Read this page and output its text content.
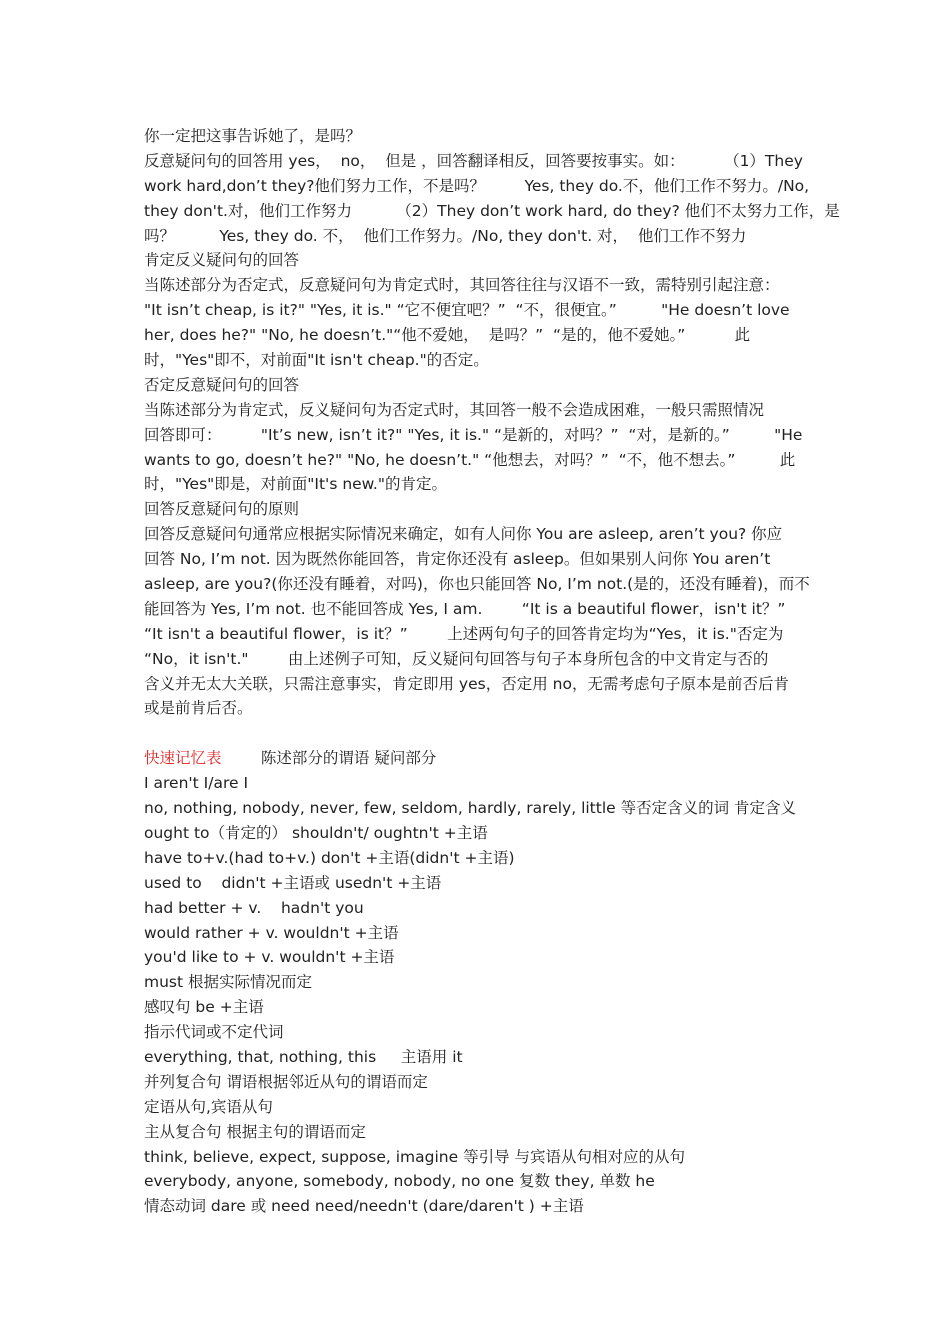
你一定把这事告诉她了，是吗？
反意疑问句的回答用 yes，  no，  但是 ，回答翻译相反，回答要按事实。如：        （1）They
work hard,don’t they?他们努力工作，不是吗？        Yes, they do.不，他们工作不努力。/No,
they don't.对，他们工作努力         （2）They don’t work hard, do they? 他们不太努力工作，是
吗？         Yes, they do. 不，  他们工作努力。/No, they don't. 对，  他们工作不努力
肯定反义疑问句的回答
当陈述部分为否定式，反意疑问句为肯定式时，其回答往往与汉语不一致，需特别引起注意：
"It isn’t cheap, is it?" "Yes, it is." “它不便宜吧？”  “不，很便宜。”         "He doesn’t love
her, does he?" "No, he doesn’t."“他不爱她，  是吗？”  “是的，他不爱她。”          此
时，"Yes"即不，对前面"It isn't cheap."的否定。
否定反意疑问句的回答
当陈述部分为肯定式，反义疑问句为否定式时，其回答一般不会造成困难，一般只需照情况
回答即可：        "It’s new, isn’t it?" "Yes, it is." “是新的，对吗？”  “对，是新的。”         "He
wants to go, doesn’t he?" "No, he doesn’t." “他想去，对吗？”  “不，他不想去。”         此
时，"Yes"即是，对前面"It's new."的肯定。
回答反意疑问句的原则
回答反意疑问句通常应根据实际情况来确定，如有人问你 You are asleep, aren’t you? 你应
回答 No, I’m not. 因为既然你能回答，肯定你还没有 asleep。但如果别人问你 You aren’t
asleep, are you?(你还没有睡着，对吗)，你也只能回答 No, I’m not.(是的，还没有睡着)，而不
能回答为 Yes, I’m not. 也不能回答成 Yes, I am.        “It is a beautiful flower，isn't it？”
“It isn't a beautiful flower，is it？”        上述两句句子的回答肯定均为“Yes，it is."否定为
“No，it isn't."        由上述例子可知，反义疑问句回答与句子本身所包含的中文肯定与否的
含义并无太大关联，只需注意事实，肯定即用 yes，否定用 no，无需考虑句子原本是前否后肯
或是前肯后否。
快速记忆表        陈述部分的谓语 疑问部分
I aren't I/are I
no, nothing, nobody, never, few, seldom, hardly, rarely, little 等否定含义的词 肯定含义
ought to（肯定的） shouldn't/ oughtn't +主语
have to+v.(had to+v.) don't +主语(didn't +主语)
used to    didn't +主语或 usedn't +主语
had better + v.    hadn't you
would rather + v. wouldn't +主语
you'd like to + v. wouldn't +主语
must 根据实际情况而定
感叹句 be +主语
指示代词或不定代词
everything, that, nothing, this     主语用 it
并列复合句 谓语根据邻近从句的谓语而定
定语从句,宾语从句
主从复合句 根据主句的谓语而定
think, believe, expect, suppose, imagine 等引导 与宾语从句相对应的从句
everybody, anyone, somebody, nobody, no one 复数 they, 单数 he
情态动词 dare 或 need need/needn't (dare/daren't ) +主语
